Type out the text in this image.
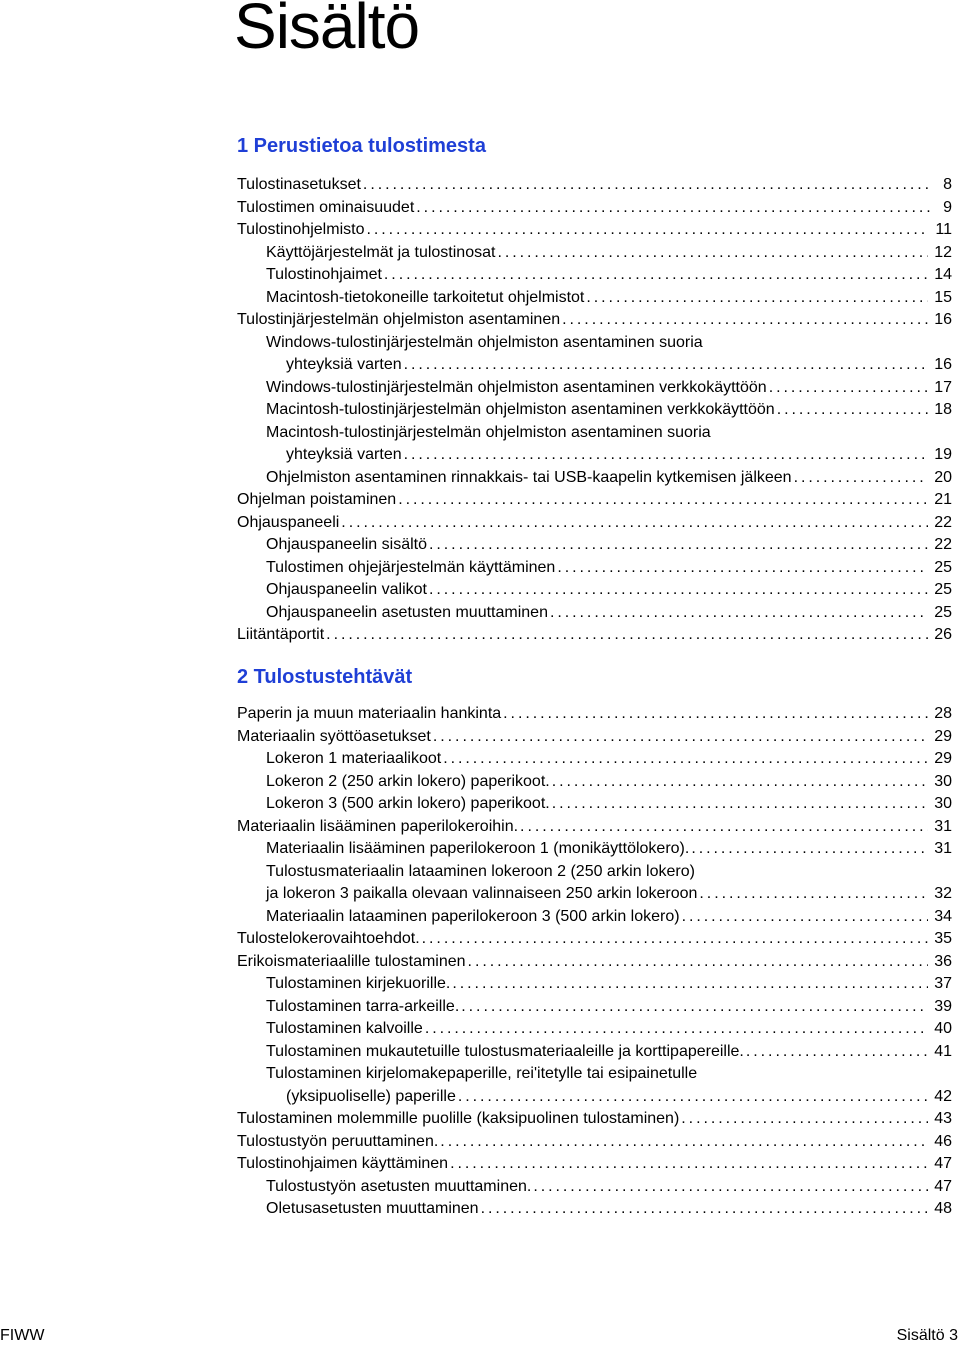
Sisältö
1 Perustietoa tulostimesta
Tulostinasetukset . . .	8
Tulostimen ominaisuudet . . .	9
Tulostinohjelmisto . . .	11
Käyttöjärjestelmät ja tulostinosat . . .	12
Tulostinohjaimet . . .	14
Macintosh-tietokoneille tarkoitetut ohjelmistot . . .	15
Tulostinjärjestelmän ohjelmiston asentaminen . . .	16
Windows-tulostinjärjestelmän ohjelmiston asentaminen suoria
yhteyksiä varten . . .	16
Windows-tulostinjärjestelmän ohjelmiston asentaminen verkkokäyttöön . . .	17
Macintosh-tulostinjärjestelmän ohjelmiston asentaminen verkkokäyttöön . . .	18
Macintosh-tulostinjärjestelmän ohjelmiston asentaminen suoria
yhteyksiä varten . . .	19
Ohjelmiston asentaminen rinnakkais- tai USB-kaapelin kytkemisen jälkeen . . .	20
Ohjelman poistaminen . . .	21
Ohjauspaneeli . . .	22
Ohjauspaneelin sisältö . . .	22
Tulostimen ohjejärjestelmän käyttäminen . . .	25
Ohjauspaneelin valikot . . .	25
Ohjauspaneelin asetusten muuttaminen . . .	25
Liitäntäportit . . .	26
2 Tulostustehtävät
Paperin ja muun materiaalin hankinta . . .	28
Materiaalin syöttöasetukset . . .	29
Lokeron 1 materiaalikoot . . .	29
Lokeron 2 (250 arkin lokero) paperikoot. . . .	30
Lokeron 3 (500 arkin lokero) paperikoot. . . .	30
Materiaalin lisääminen paperilokeroihin. . . .	31
Materiaalin lisääminen paperilokeroon 1 (monikäyttölokero). . . .	31
Tulostusmateriaalin lataaminen lokeroon 2 (250 arkin lokero)
ja lokeron 3 paikalla olevaan valinnaiseen 250 arkin lokeroon . . .	32
Materiaalin lataaminen paperilokeroon 3 (500 arkin lokero) . . .	34
Tulostelokerovaihtoehdot. . . .	35
Erikoismateriaalille tulostaminen . . .	36
Tulostaminen kirjekuorille. . . .	37
Tulostaminen tarra-arkeille. . . .	39
Tulostaminen kalvoille . . .	40
Tulostaminen mukautetuille tulostusmateriaaleille ja korttipapereille. . . .	41
Tulostaminen kirjelomakepaperille, rei'itetylle tai esipainetulle
(yksipuoliselle) paperille . . .	42
Tulostaminen molemmille puolille (kaksipuolinen tulostaminen) . . .	43
Tulostustyön peruuttaminen. . . .	46
Tulostinohjaimen käyttäminen . . .	47
Tulostustyön asetusten muuttaminen. . . .	47
Oletusasetusten muuttaminen . . .	48
FIWW	Sisältö 3
